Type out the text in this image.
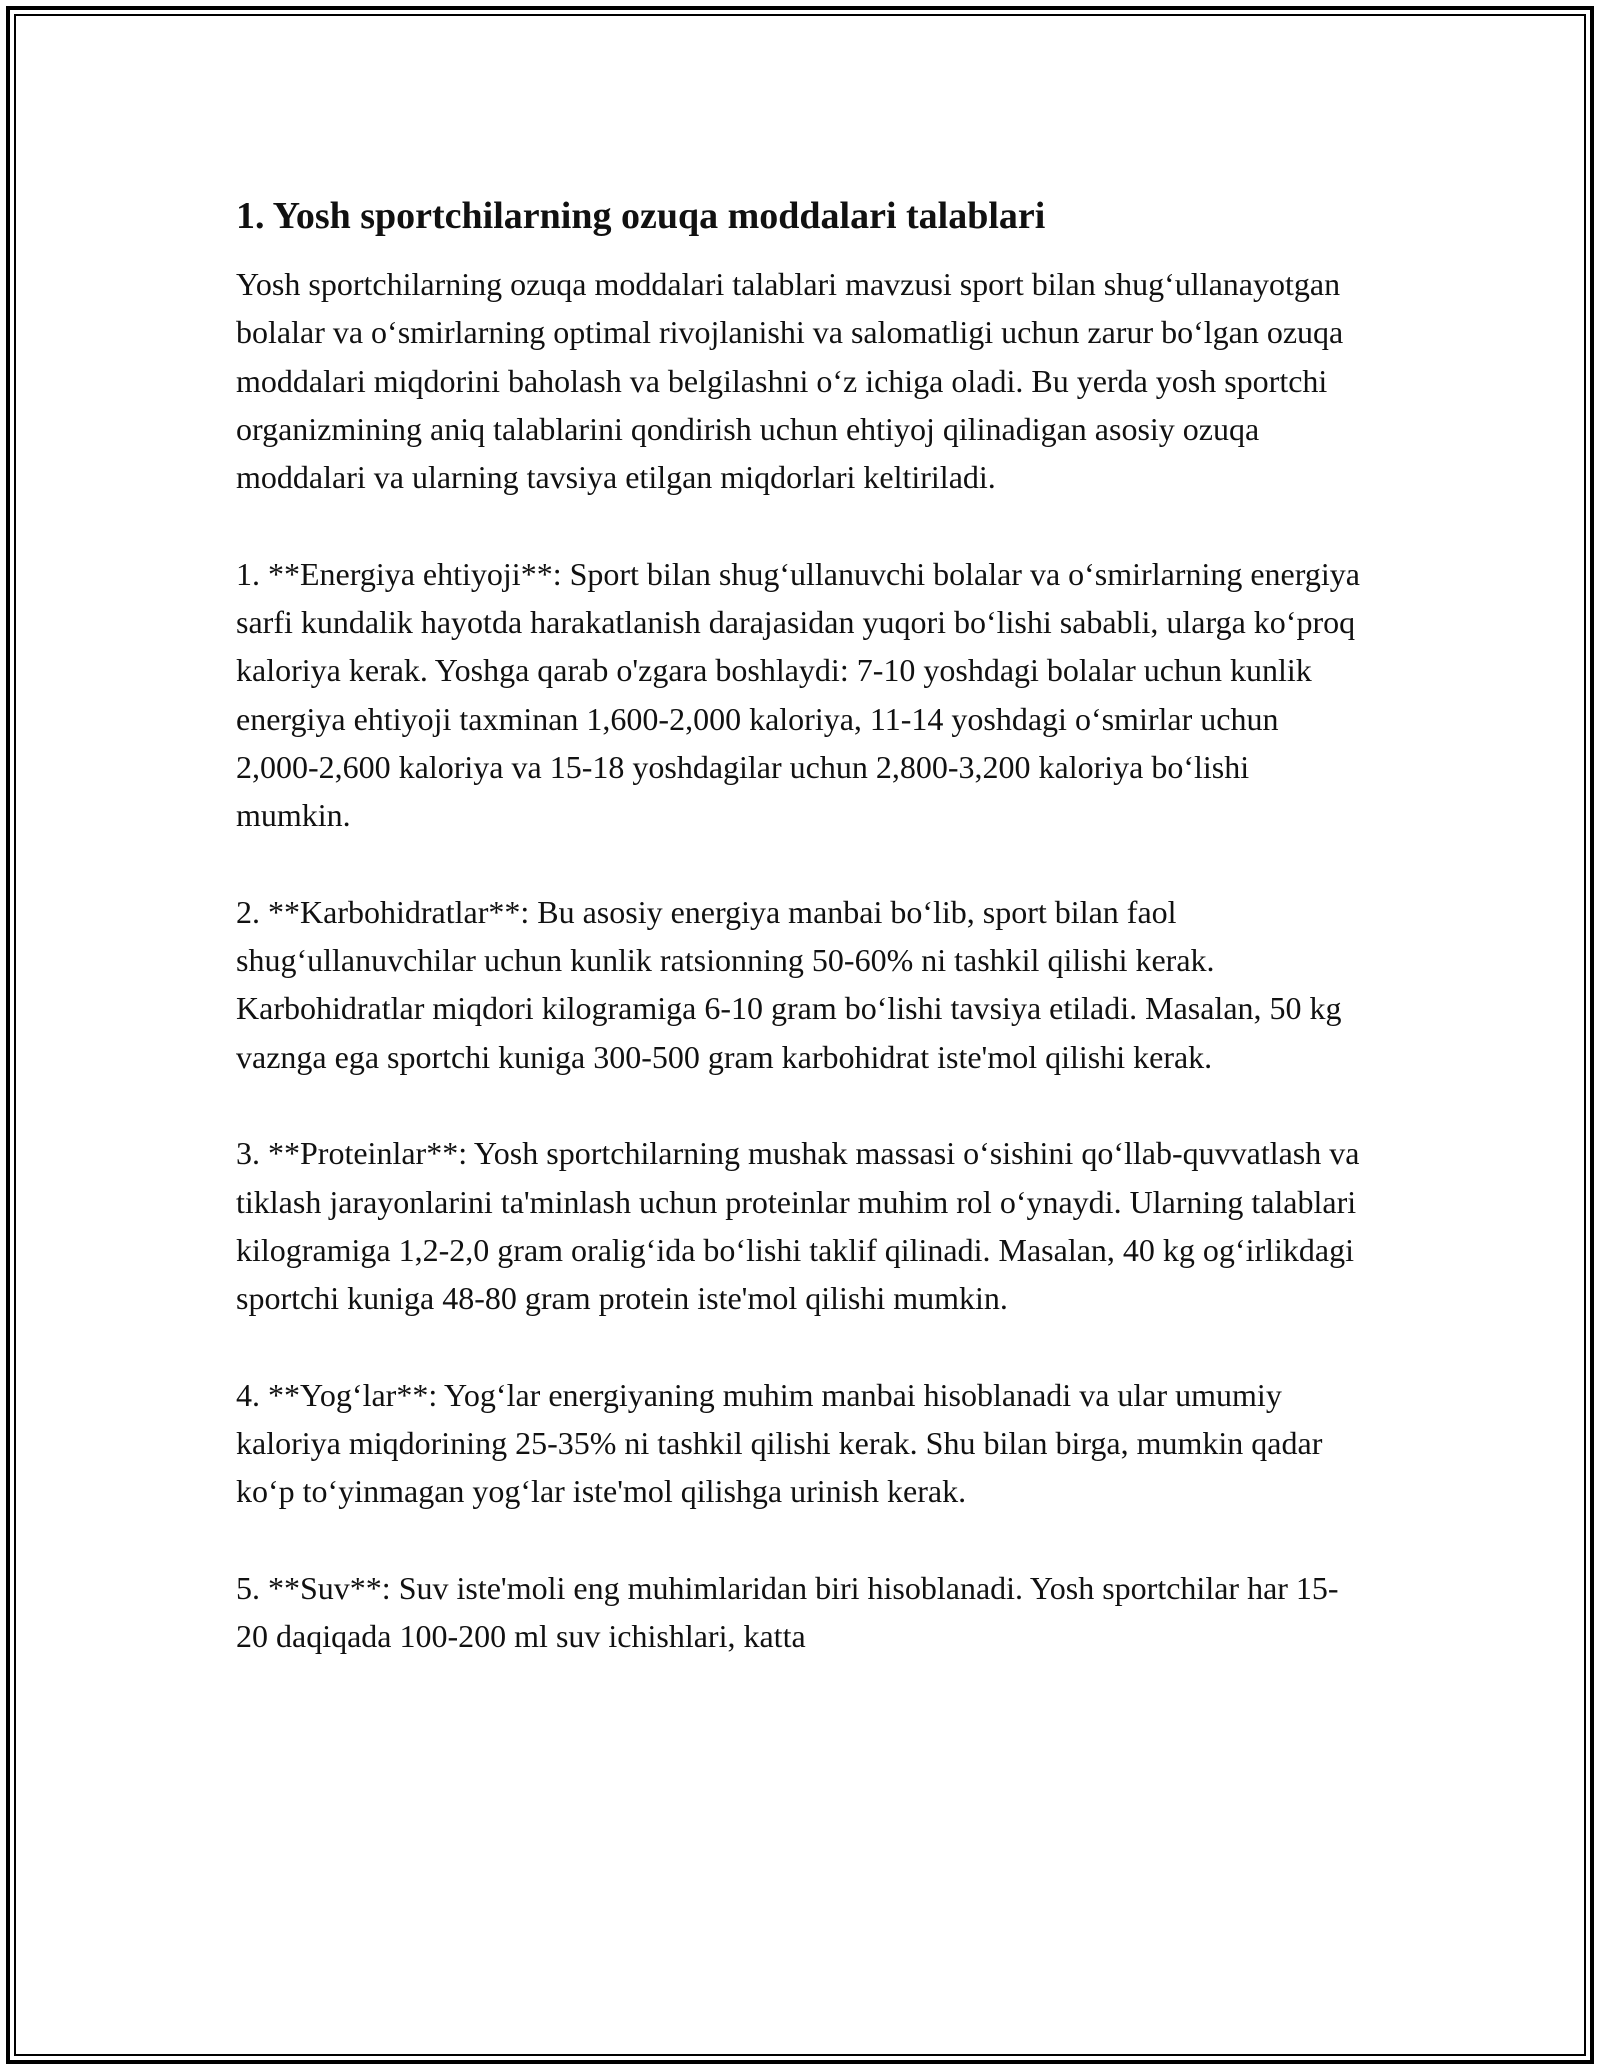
1. Yosh sportchilarning ozuqa moddalari talablari

Yosh sportchilarning ozuqa moddalari talablari mavzusi sport bilan shug‘ullanayotgan bolalar va o‘smirlarning optimal rivojlanishi va salomatligi uchun zarur bo‘lgan ozuqa moddalari miqdorini baholash va belgilashni o‘z ichiga oladi. Bu yerda yosh sportchi organizmining aniq talablarini qondirish uchun ehtiyoj qilinadigan asosiy ozuqa moddalari va ularning tavsiya etilgan miqdorlari keltiriladi.

1. **Energiya ehtiyoji**: Sport bilan shug‘ullanuvchi bolalar va o‘smirlarning energiya sarfi kundalik hayotda harakatlanish darajasidan yuqori bo‘lishi sababli, ularga ko‘proq kaloriya kerak. Yoshga qarab o'zgara boshlaydi: 7-10 yoshdagi bolalar uchun kunlik energiya ehtiyoji taxminan 1,600-2,000 kaloriya, 11-14 yoshdagi o‘smirlar uchun 2,000-2,600 kaloriya va 15-18 yoshdagilar uchun 2,800-3,200 kaloriya bo‘lishi mumkin.

2. **Karbohidratlar**: Bu asosiy energiya manbai bo‘lib, sport bilan faol shug‘ullanuvchilar uchun kunlik ratsionning 50-60% ni tashkil qilishi kerak. Karbohidratlar miqdori kilogramiga 6-10 gram bo‘lishi tavsiya etiladi. Masalan, 50 kg vaznga ega sportchi kuniga 300-500 gram karbohidrat iste'mol qilishi kerak.

3. **Proteinlar**: Yosh sportchilarning mushak massasi o‘sishini qo‘llab-quvvatlash va tiklash jarayonlarini ta'minlash uchun proteinlar muhim rol o‘ynaydi. Ularning talablari kilogramiga 1,2-2,0 gram oralig‘ida bo‘lishi taklif qilinadi. Masalan, 40 kg og‘irlikdagi sportchi kuniga 48-80 gram protein iste'mol qilishi mumkin.

4. **Yog‘lar**: Yog‘lar energiyaning muhim manbai hisoblanadi va ular umumiy kaloriya miqdorining 25-35% ni tashkil qilishi kerak. Shu bilan birga, mumkin qadar ko‘p to‘yinmagan yog‘lar iste'mol qilishga urinish kerak.

5. **Suv**: Suv iste'moli eng muhimlaridan biri hisoblanadi. Yosh sportchilar har 15-20 daqiqada 100-200 ml suv ichishlari, katta
